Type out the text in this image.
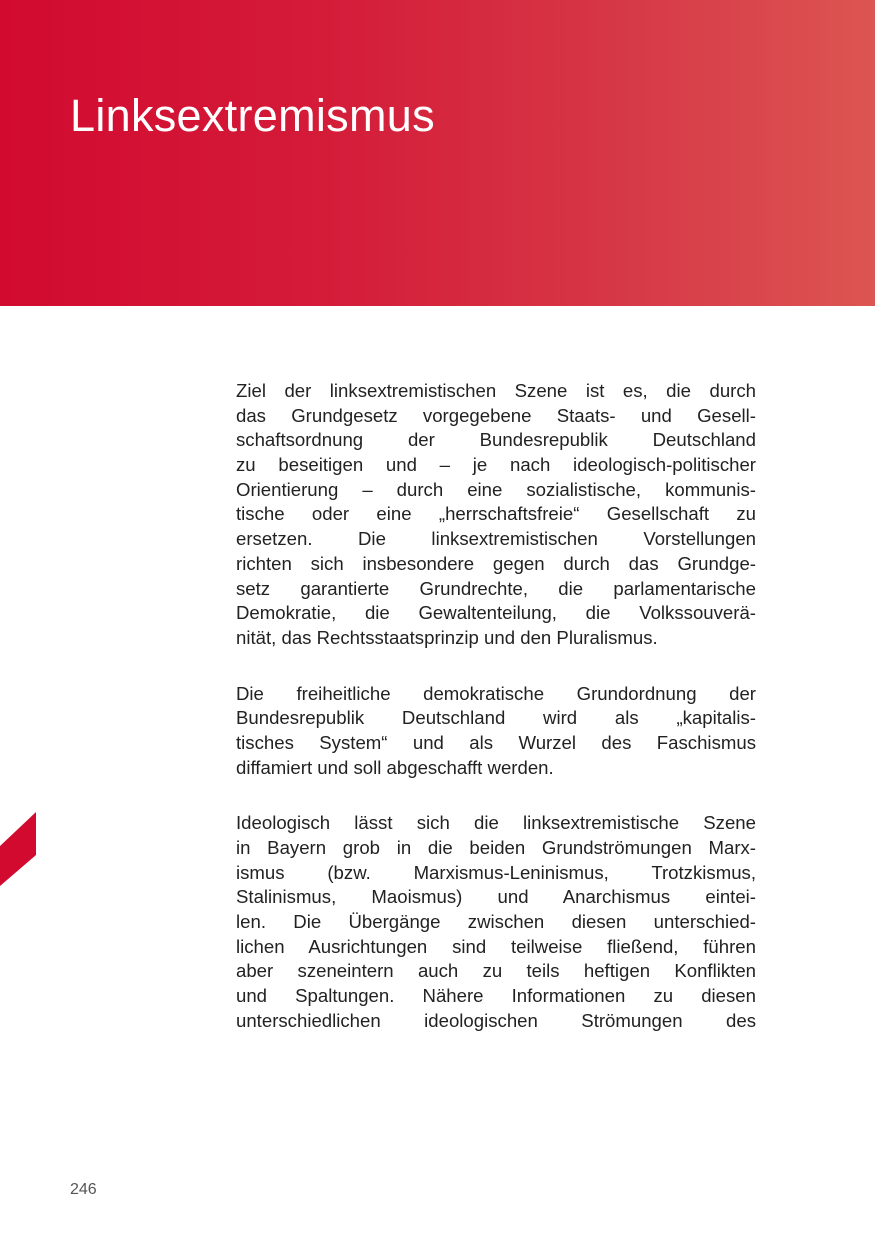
Linksextremismus
Ziel der linksextremistischen Szene ist es, die durch
das Grundgesetz vorgegebene Staats- und Gesell-
schaftsordnung der Bundesrepublik Deutschland
zu beseitigen und – je nach ideologisch-politischer
Orientierung – durch eine sozialistische, kommunis-
tische oder eine „herrschaftsfreie“ Gesellschaft zu
ersetzen. Die linksextremistischen Vorstellungen
richten sich insbesondere gegen durch das Grundge-
setz garantierte Grundrechte, die parlamentarische
Demokratie, die Gewaltenteilung, die Volkssouverä-
nität, das Rechtsstaatsprinzip und den Pluralismus.
Die freiheitliche demokratische Grundordnung der
Bundesrepublik Deutschland wird als „kapitalis-
tisches System“ und als Wurzel des Faschismus
diffamiert und soll abgeschafft werden.
Ideologisch lässt sich die linksextremistische Szene
in Bayern grob in die beiden Grundströmungen Marx-
ismus (bzw. Marxismus-Leninismus, Trotzkismus,
Stalinismus, Maoismus) und Anarchismus eintei-
len. Die Übergänge zwischen diesen unterschied-
lichen Ausrichtungen sind teilweise fließend, führen
aber szeneintern auch zu teils heftigen Konflikten
und Spaltungen. Nähere Informationen zu diesen
unterschiedlichen ideologischen Strömungen des
246
